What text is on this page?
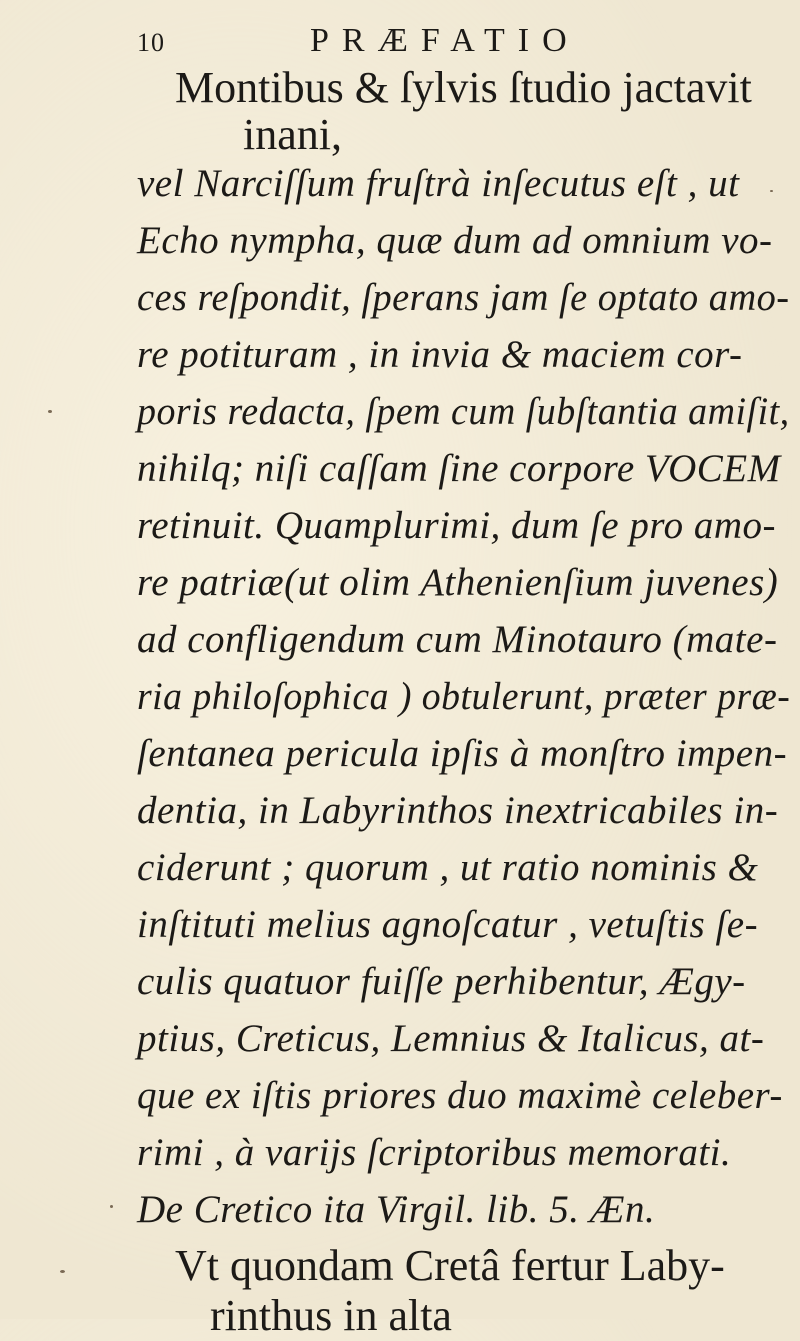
10	PRÆFATIO
Montibus & ſylvis ſtudio jactavit
inani,
vel Narciſſum fruſtrà inſecutus eſt , ut
Echo nympha, quæ dum ad omnium vo-
ces reſpondit, ſperans jam ſe optato amo-
re potituram , in invia & maciem cor-
poris redacta, ſpem cum ſubſtantia amiſit,
nihilq; niſi caſſam ſine corpore VOCEM
retinuit. Quamplurimi, dum ſe pro amo-
re patriæ(ut olim Athenienſium juvenes)
ad confligendum cum Minotauro (mate-
ria philoſophica ) obtulerunt, præter præ-
ſentanea pericula ipſis à monſtro impen-
dentia, in Labyrinthos inextricabiles in-
ciderunt ; quorum , ut ratio nominis &
inſtituti melius agnoſcatur , vetuſtis ſe-
culis quatuor fuiſſe perhibentur, Ægy-
ptius, Creticus, Lemnius & Italicus, at-
que ex iſtis priores duo maximè celeber-
rimi , à varijs ſcriptoribus memorati.
De Cretico ita Virgil. lib. 5. Æn.
Vt quondam Cretâ fertur Laby-
rinthus in alta
